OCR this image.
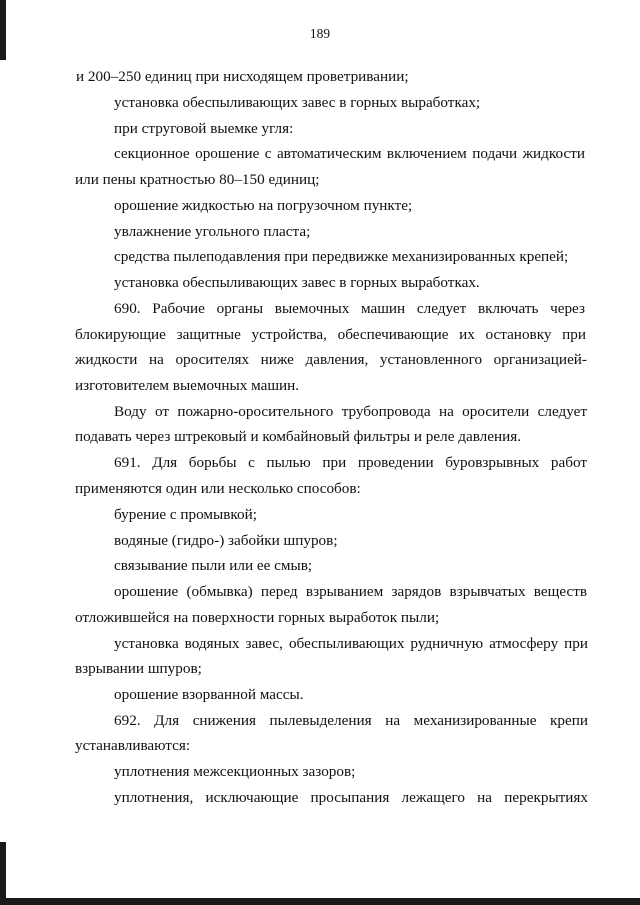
189
и 200–250 единиц при нисходящем проветривании;
установка обеспыливающих завес в горных выработках;
при струговой выемке угля:
секционное орошение с автоматическим включением подачи жидкости
или пены кратностью 80–150 единиц;
орошение жидкостью на погрузочном пункте;
увлажнение угольного пласта;
средства пылеподавления при передвижке механизированных крепей;
установка обеспыливающих завес в горных выработках.
690. Рабочие органы выемочных машин следует включать через
блокирующие защитные устройства, обеспечивающие их остановку при
жидкости на оросителях ниже давления, установленного организацией-
изготовителем выемочных машин.
Воду от пожарно-оросительного трубопровода на оросители следует
подавать через штрековый и комбайновый фильтры и реле давления.
691. Для борьбы с пылью при проведении буровзрывных работ
применяются один или несколько способов:
бурение с промывкой;
водяные (гидро-) забойки шпуров;
связывание пыли или ее смыв;
орошение (обмывка) перед взрыванием зарядов взрывчатых веществ
отложившейся на поверхности горных выработок пыли;
установка водяных завес, обеспыливающих рудничную атмосферу при
взрывании шпуров;
орошение взорванной массы.
692. Для снижения пылевыделения на механизированные крепи
устанавливаются:
уплотнения межсекционных зазоров;
уплотнения, исключающие просыпания лежащего на перекрытиях
